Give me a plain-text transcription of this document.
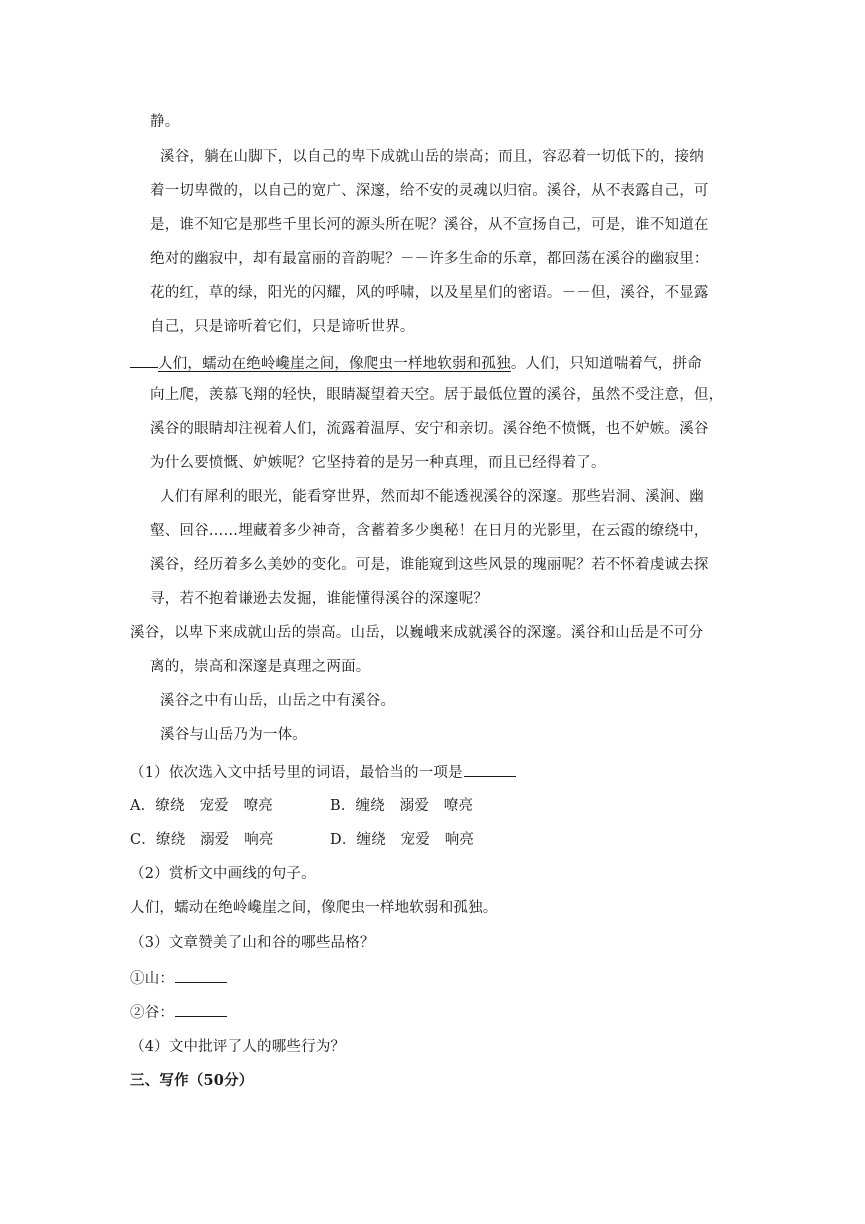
静。
溪谷，躺在山脚下，以自己的卑下成就山岳的崇高；而且，容忍着一切低下的，接纳
着一切卑微的，以自己的宽广、深邃，给不安的灵魂以归宿。溪谷，从不表露自己，可
是，谁不知它是那些千里长河的源头所在呢？溪谷，从不宣扬自己，可是，谁不知道在
绝对的幽寂中，却有最富丽的音韵呢？－－许多生命的乐章，都回荡在溪谷的幽寂里：
花的红，草的绿，阳光的闪耀，风的呼啸，以及星星们的密语。－－但，溪谷，不显露
自己，只是谛听着它们，只是谛听世界。
人们，蠕动在绝岭巉崖之间，像爬虫一样地软弱和孤独。人们，只知道喘着气，拼命
向上爬，羡慕飞翔的轻快，眼睛凝望着天空。居于最低位置的溪谷，虽然不受注意，但，
溪谷的眼睛却注视着人们，流露着温厚、安宁和亲切。溪谷绝不愤慨，也不妒嫉。溪谷
为什么要愤慨、妒嫉呢？它坚持着的是另一种真理，而且已经得着了。
人们有犀利的眼光，能看穿世界，然而却不能透视溪谷的深邃。那些岩洞、溪涧、幽
壑、回谷……埋藏着多少神奇，含蓄着多少奥秘！在日月的光影里，在云霞的缭绕中，
溪谷，经历着多么美妙的变化。可是，谁能窥到这些风景的瑰丽呢？若不怀着虔诚去探
寻，若不抱着谦逊去发掘，谁能懂得溪谷的深邃呢？
溪谷，以卑下来成就山岳的崇高。山岳，以巍峨来成就溪谷的深邃。溪谷和山岳是不可分
离的，崇高和深邃是真理之两面。
溪谷之中有山岳，山岳之中有溪谷。
溪谷与山岳乃为一体。
（1）依次选入文中括号里的词语，最恰当的一项是
A．缭绕　宠爱　嘹亮	B．缠绕　溺爱　嘹亮
C．缭绕　溺爱　响亮	D．缠绕　宠爱　响亮
（2）赏析文中画线的句子。
人们，蠕动在绝岭巉崖之间，像爬虫一样地软弱和孤独。
（3）文章赞美了山和谷的哪些品格？
①山：
②谷：
（4）文中批评了人的哪些行为？
三、写作（50分）
